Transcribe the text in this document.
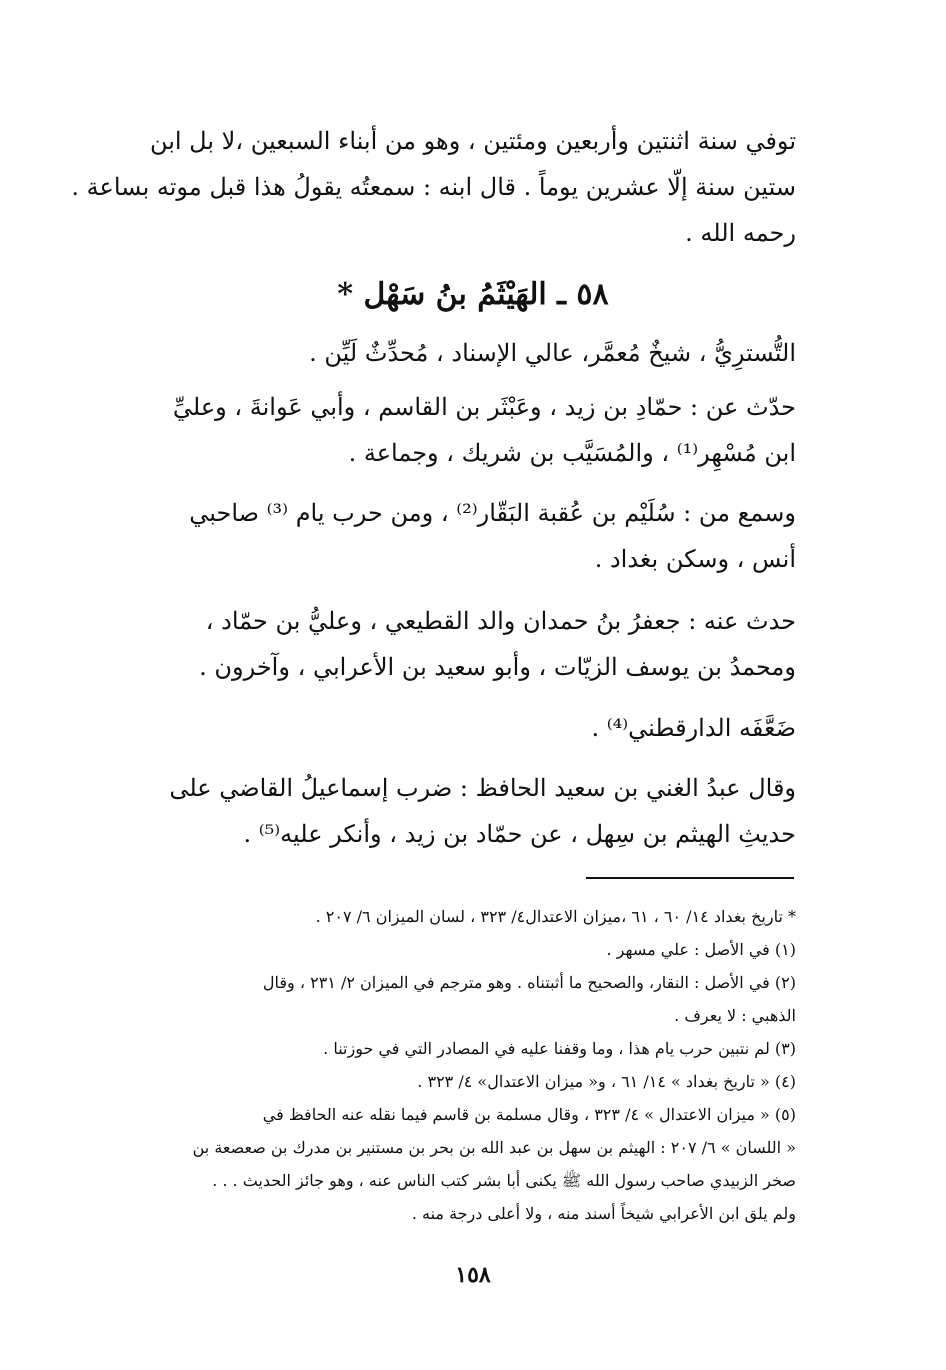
توفي سنة اثنتين وأربعين ومئتين ، وهو من أبناء السبعين ،لا بل ابن
ستين سنة إلّا عشرين يوماً . قال ابنه : سمعتُه يقولُ هذا قبل موته بساعة .
رحمه الله .
٥٨ ـ الهَيْثَمُ بنُ سَهْل *
التُّسترِيُّ ، شيخٌ مُعمَّر، عالي الإسناد ، مُحدِّثٌ لَيِّن .
حدّث عن : حمّادِ بن زيد ، وعَبْثَر بن القاسم ، وأبي عَوانةَ ، وعليِّ
ابن مُسْهِر⁽¹⁾ ، والمُسَيَّب بن شريك ، وجماعة .
وسمع من : سُلَيْم بن عُقبة البَقّار⁽²⁾ ، ومن حرب يام ⁽³⁾ صاحبي
أنس ، وسكن بغداد .
حدث عنه : جعفرُ بنُ حمدان والد القطيعي ، وعليُّ بن حمّاد ،
ومحمدُ بن يوسف الزيّات ، وأبو سعيد بن الأعرابي ، وآخرون .
ضَعَّفَه الدارقطني⁽⁴⁾ .
وقال عبدُ الغني بن سعيد الحافظ : ضرب إسماعيلُ القاضي على
حديثِ الهيثم بن سِهل ، عن حمّاد بن زيد ، وأنكر عليه⁽⁵⁾ .
* تاريخ بغداد ١٤/ ٦٠ ، ٦١ ،ميزان الاعتدال٤/ ٣٢٣ ، لسان الميزان ٦/ ٢٠٧ .
(١) في الأصل : علي مسهر .
(٢) في الأصل : النقار، والصحيح ما أثبتناه . وهو مترجم في الميزان ٢/ ٢٣١ ، وقال
الذهبي : لا يعرف .
(٣) لم نتبين حرب يام هذا ، وما وقفنا عليه في المصادر التي في حوزتنا .
(٤) « تاريخ بغداد » ١٤/ ٦١ ، و« ميزان الاعتدال» ٤/ ٣٢٣ .
(٥) « ميزان الاعتدال » ٤/ ٣٢٣ ، وقال مسلمة بن قاسم فيما نقله عنه الحافظ في
« اللسان » ٦/ ٢٠٧ : الهيثم بن سهل بن عبد الله بن بحر بن مستنير بن مدرك بن صعصعة بن
صخر الزبيدي صاحب رسول الله ﷺ يكنى أبا بشر كتب الناس عنه ، وهو جائز الحديث . . .
ولم يلق ابن الأعرابي شيخاً أسند منه ، ولا أعلى درجة منه .
١٥٨
